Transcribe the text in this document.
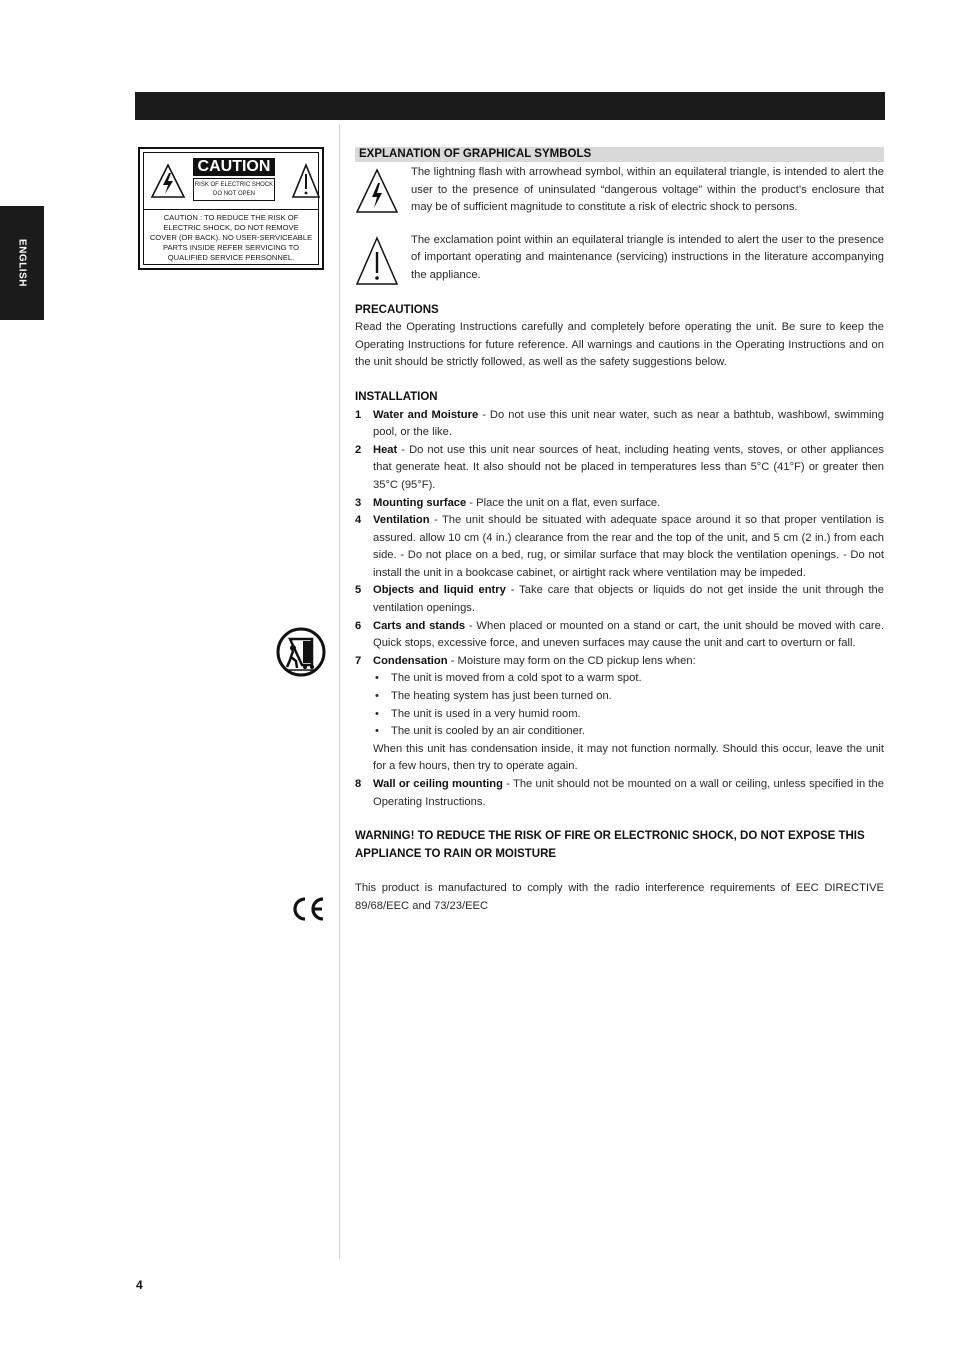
ENGLISH
CAUTION
RISK OF ELECTRIC SHOCK
DO NOT OPEN
CAUTION : TO REDUCE THE RISK OF
ELECTRIC SHOCK, DO NOT REMOVE
COVER (OR BACK). NO USER-SERVICEABLE
PARTS INSIDE REFER SERVICING TO
QUALIFIED SERVICE PERSONNEL.
EXPLANATION OF GRAPHICAL SYMBOLS

The lightning flash with arrowhead symbol, within an equilateral triangle, is intended to alert the user to the presence of uninsulated “dangerous voltage” within the product’s enclosure that may be of sufficient magnitude to constitute a risk of electric shock to persons.

The exclamation point within an equilateral triangle is intended to alert the user to the presence of important operating and maintenance (servicing) instructions in the literature accompanying the appliance.

PRECAUTIONS

Read the Operating Instructions carefully and completely before operating the unit. Be sure to keep the Operating Instructions for future reference. All warnings and cautions in the Operating Instructions and on the unit should be strictly followed, as well as the safety suggestions below.

INSTALLATION
1 Water and Moisture - Do not use this unit near water, such as near a bathtub, washbowl, swimming pool, or the like.
2 Heat - Do not use this unit near sources of heat, including heating vents, stoves, or other appliances that generate heat. It also should not be placed in temperatures less than 5°C (41°F) or greater then 35°C (95°F).
3 Mounting surface - Place the unit on a flat, even surface.
4 Ventilation - The unit should be situated with adequate space around it so that proper ventilation is assured. allow 10 cm (4 in.) clearance from the rear and the top of the unit, and 5 cm (2 in.) from each side. - Do not place on a bed, rug, or similar surface that may block the ventilation openings. - Do not install the unit in a bookcase cabinet, or airtight rack where ventilation may be impeded.
5 Objects and liquid entry - Take care that objects or liquids do not get inside the unit through the ventilation openings.
6 Carts and stands - When placed or mounted on a stand or cart, the unit should be moved with care. Quick stops, excessive force, and uneven surfaces may cause the unit and cart to overturn or fall.
7 Condensation - Moisture may form on the CD pickup lens when:
• The unit is moved from a cold spot to a warm spot.
• The heating system has just been turned on.
• The unit is used in a very humid room.
• The unit is cooled by an air conditioner.

When this unit has condensation inside, it may not function normally. Should this occur, leave the unit for a few hours, then try to operate again.

8 Wall or ceiling mounting - The unit should not be mounted on a wall or ceiling, unless specified in the Operating Instructions.
WARNING! TO REDUCE THE RISK OF FIRE OR ELECTRONIC SHOCK, DO NOT EXPOSE THIS APPLIANCE TO RAIN OR MOISTURE

This product is manufactured to comply with the radio interference requirements of EEC DIRECTIVE 89/68/EEC and 73/23/EEC

4
